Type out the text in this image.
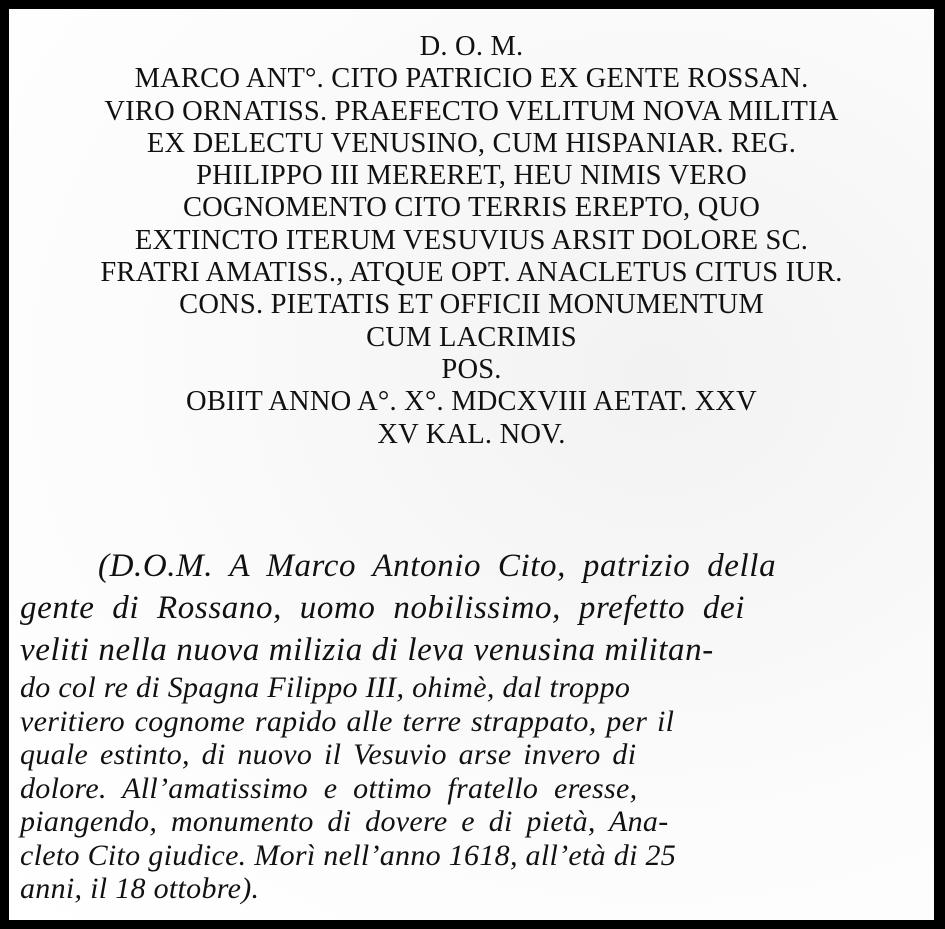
D. O. M.
MARCO ANT°. CITO PATRICIO EX GENTE ROSSAN.
VIRO ORNATISS. PRAEFECTO VELITUM NOVA MILITIA
EX DELECTU VENUSINO, CUM HISPANIAR. REG.
PHILIPPO III MERERET, HEU NIMIS VERO
COGNOMENTO CITO TERRIS EREPTO, QUO
EXTINCTO ITERUM VESUVIUS ARSIT DOLORE SC.
FRATRI AMATISS., ATQUE OPT. ANACLETUS CITUS IUR.
CONS. PIETATIS ET OFFICII MONUMENTUM
CUM LACRIMIS
POS.
OBIIT ANNO A°. X°. MDCXVIII AETAT. XXV
XV KAL. NOV.
(D.O.M. A Marco Antonio Cito, patrizio della
gente di Rossano, uomo nobilissimo, prefetto dei
veliti nella nuova milizia di leva venusina militan-
do col re di Spagna Filippo III, ohimè, dal troppo
veritiero cognome rapido alle terre strappato, per il
quale estinto, di nuovo il Vesuvio arse invero di
dolore. All’amatissimo e ottimo fratello eresse,
piangendo, monumento di dovere e di pietà, Ana-
cleto Cito giudice. Morì nell’anno 1618, all’età di 25
anni, il 18 ottobre).
